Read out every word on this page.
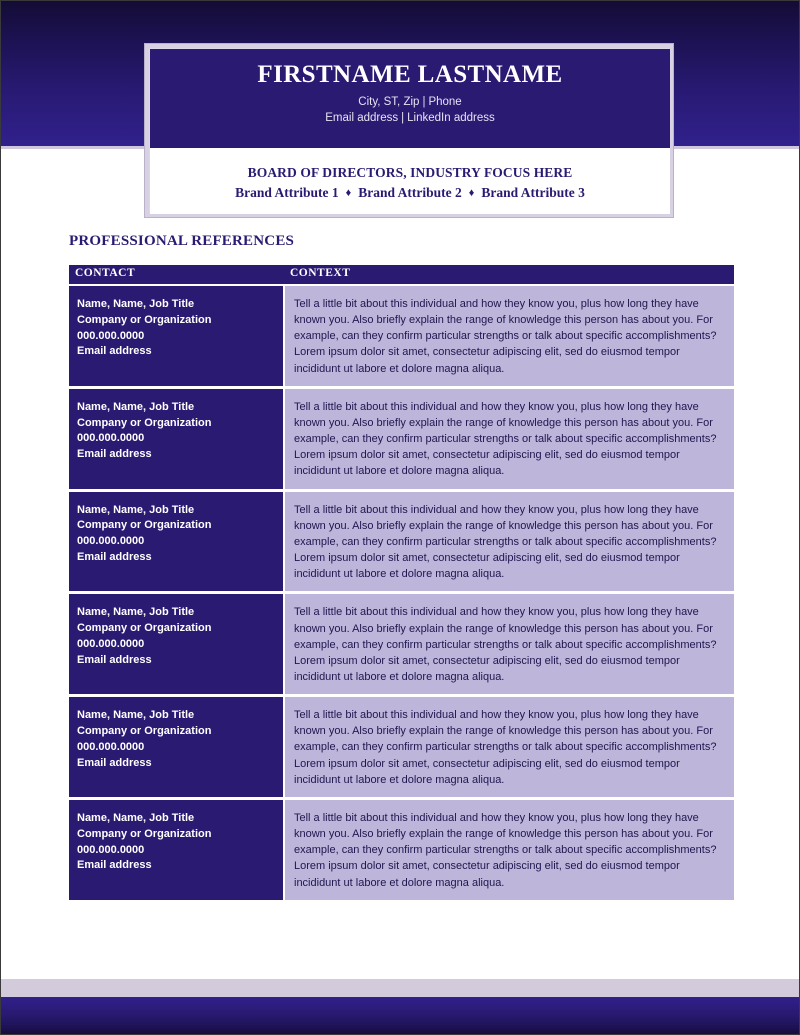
FIRSTNAME LASTNAME
City, ST, Zip | Phone
Email address | LinkedIn address
BOARD OF DIRECTORS, INDUSTRY FOCUS HERE
Brand Attribute 1 ♦ Brand Attribute 2 ♦ Brand Attribute 3
PROFESSIONAL REFERENCES
CONTACT	CONTEXT
Name, Name, Job Title
Company or Organization
000.000.0000
Email address

Tell a little bit about this individual and how they know you, plus how long they have known you. Also briefly explain the range of knowledge this person has about you. For example, can they confirm particular strengths or talk about specific accomplishments? Lorem ipsum dolor sit amet, consectetur adipiscing elit, sed do eiusmod tempor incididunt ut labore et dolore magna aliqua.

Name, Name, Job Title
Company or Organization
000.000.0000
Email address

Tell a little bit about this individual and how they know you, plus how long they have known you. Also briefly explain the range of knowledge this person has about you. For example, can they confirm particular strengths or talk about specific accomplishments? Lorem ipsum dolor sit amet, consectetur adipiscing elit, sed do eiusmod tempor incididunt ut labore et dolore magna aliqua.

Name, Name, Job Title
Company or Organization
000.000.0000
Email address

Tell a little bit about this individual and how they know you, plus how long they have known you. Also briefly explain the range of knowledge this person has about you. For example, can they confirm particular strengths or talk about specific accomplishments? Lorem ipsum dolor sit amet, consectetur adipiscing elit, sed do eiusmod tempor incididunt ut labore et dolore magna aliqua.

Name, Name, Job Title
Company or Organization
000.000.0000
Email address

Tell a little bit about this individual and how they know you, plus how long they have known you. Also briefly explain the range of knowledge this person has about you. For example, can they confirm particular strengths or talk about specific accomplishments? Lorem ipsum dolor sit amet, consectetur adipiscing elit, sed do eiusmod tempor incididunt ut labore et dolore magna aliqua.

Name, Name, Job Title
Company or Organization
000.000.0000
Email address

Tell a little bit about this individual and how they know you, plus how long they have known you. Also briefly explain the range of knowledge this person has about you. For example, can they confirm particular strengths or talk about specific accomplishments? Lorem ipsum dolor sit amet, consectetur adipiscing elit, sed do eiusmod tempor incididunt ut labore et dolore magna aliqua.

Name, Name, Job Title
Company or Organization
000.000.0000
Email address

Tell a little bit about this individual and how they know you, plus how long they have known you. Also briefly explain the range of knowledge this person has about you. For example, can they confirm particular strengths or talk about specific accomplishments? Lorem ipsum dolor sit amet, consectetur adipiscing elit, sed do eiusmod tempor incididunt ut labore et dolore magna aliqua.
